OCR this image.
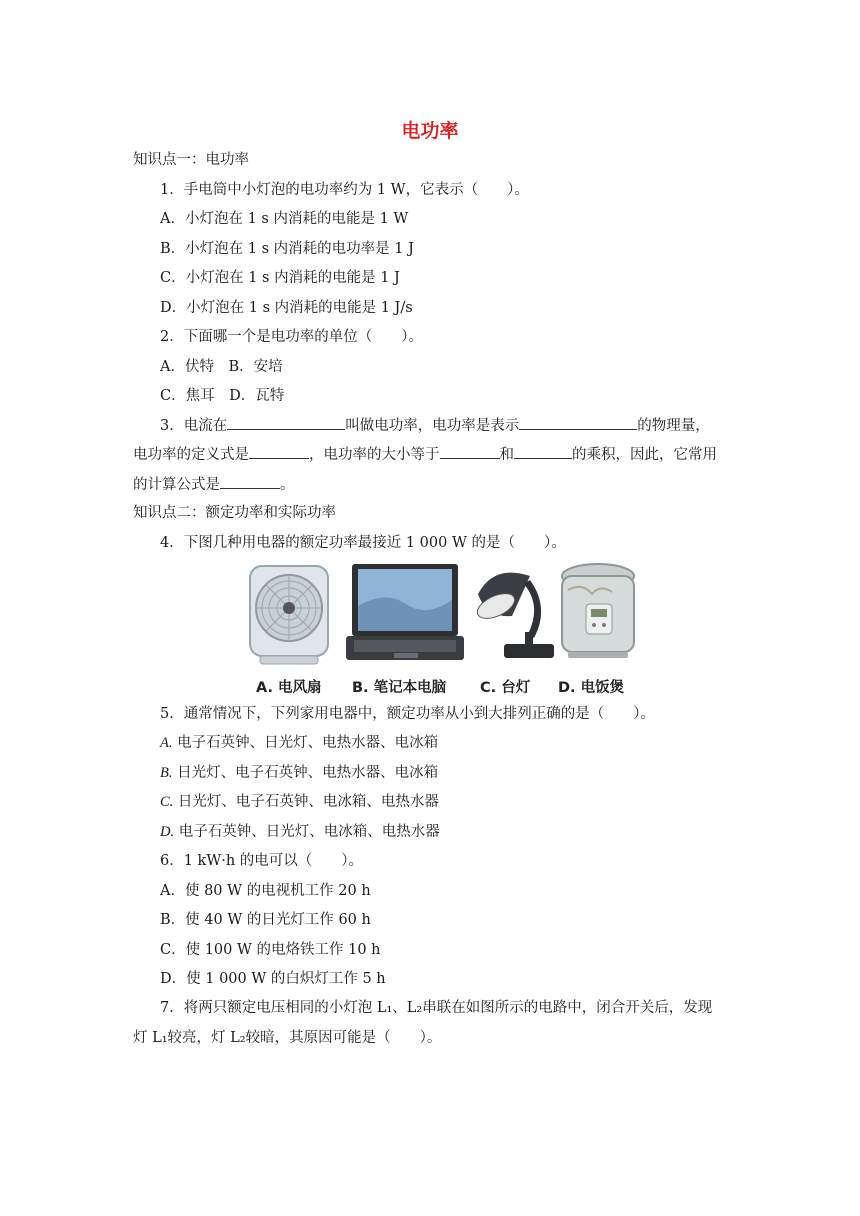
电功率
知识点一：电功率
1．手电筒中小灯泡的电功率约为 1 W，它表示（　　）。
A．小灯泡在 1 s 内消耗的电能是 1 W
B．小灯泡在 1 s 内消耗的电功率是 1 J
C．小灯泡在 1 s 内消耗的电能是 1 J
D．小灯泡在 1 s 内消耗的电能是 1 J/s
2．下面哪一个是电功率的单位（　　）。
A．伏特　B．安培
C．焦耳　D．瓦特
3．电流在	叫做电功率，电功率是表示	的物理量，
电功率的定义式是	，电功率的大小等于	和	的乘积，因此，它常用
的计算公式是	。
知识点二：额定功率和实际功率
4．下图几种用电器的额定功率最接近 1 000 W 的是（　　）。
A. 电风扇 B. 笔记本电脑 C. 台灯 D. 电饭煲
5．通常情况下，下列家用电器中，额定功率从小到大排列正确的是（　　）。
A. 电子石英钟、日光灯、电热水器、电冰箱
B. 日光灯、电子石英钟、电热水器、电冰箱
C. 日光灯、电子石英钟、电冰箱、电热水器
D. 电子石英钟、日光灯、电冰箱、电热水器
6．1 kW·h 的电可以（　　）。
A．使 80 W 的电视机工作 20 h
B．使 40 W 的日光灯工作 60 h
C．使 100 W 的电烙铁工作 10 h
D．使 1 000 W 的白炽灯工作 5 h
7．将两只额定电压相同的小灯泡 L₁、L₂串联在如图所示的电路中，闭合开关后，发现
灯 L₁较亮，灯 L₂较暗，其原因可能是（　　）。
